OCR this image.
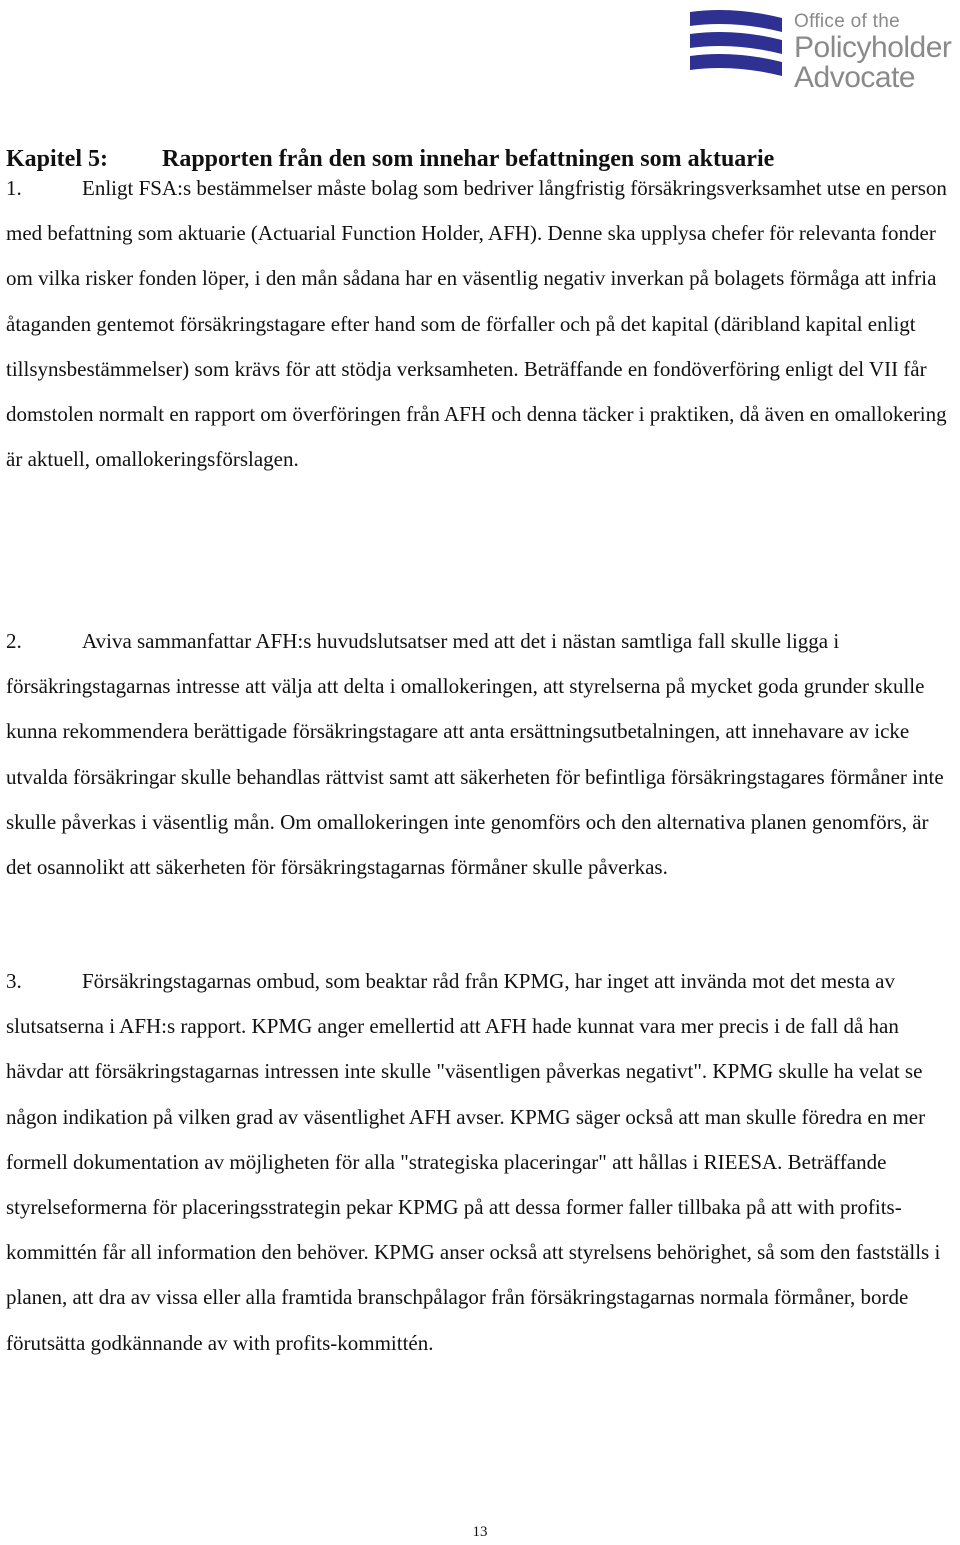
Office of the
Policyholder
Advocate
Kapitel 5: Rapporten från den som innehar befattningen som aktuarie

1.	Enligt FSA:s bestämmelser måste bolag som bedriver långfristig försäkringsverksamhet utse en person med befattning som aktuarie (Actuarial Function Holder, AFH). Denne ska upplysa chefer för relevanta fonder om vilka risker fonden löper, i den mån sådana har en väsentlig negativ inverkan på bolagets förmåga att infria åtaganden gentemot försäkringstagare efter hand som de förfaller och på det kapital (däribland kapital enligt tillsynsbestämmelser) som krävs för att stödja verksamheten. Beträffande en fondöverföring enligt del VII får domstolen normalt en rapport om överföringen från AFH och denna täcker i praktiken, då även en omallokering är aktuell, omallokeringsförslagen.

2.	Aviva sammanfattar AFH:s huvudslutsatser med att det i nästan samtliga fall skulle ligga i försäkringstagarnas intresse att välja att delta i omallokeringen, att styrelserna på mycket goda grunder skulle kunna rekommendera berättigade försäkringstagare att anta ersättningsutbetalningen, att innehavare av icke utvalda försäkringar skulle behandlas rättvist samt att säkerheten för befintliga försäkringstagares förmåner inte skulle påverkas i väsentlig mån. Om omallokeringen inte genomförs och den alternativa planen genomförs, är det osannolikt att säkerheten för försäkringstagarnas förmåner skulle påverkas.

3.	Försäkringstagarnas ombud, som beaktar råd från KPMG, har inget att invända mot det mesta av slutsatserna i AFH:s rapport. KPMG anger emellertid att AFH hade kunnat vara mer precis i de fall då han hävdar att försäkringstagarnas intressen inte skulle "väsentligen påverkas negativt". KPMG skulle ha velat se någon indikation på vilken grad av väsentlighet AFH avser. KPMG säger också att man skulle föredra en mer formell dokumentation av möjligheten för alla "strategiska placeringar" att hållas i RIEESA. Beträffande styrelseformerna för placeringsstrategin pekar KPMG på att dessa former faller tillbaka på att with profits-kommittén får all information den behöver. KPMG anser också att styrelsens behörighet, så som den fastställs i planen, att dra av vissa eller alla framtida branschpålagor från försäkringstagarnas normala förmåner, borde förutsätta godkännande av with profits-kommittén.

13
